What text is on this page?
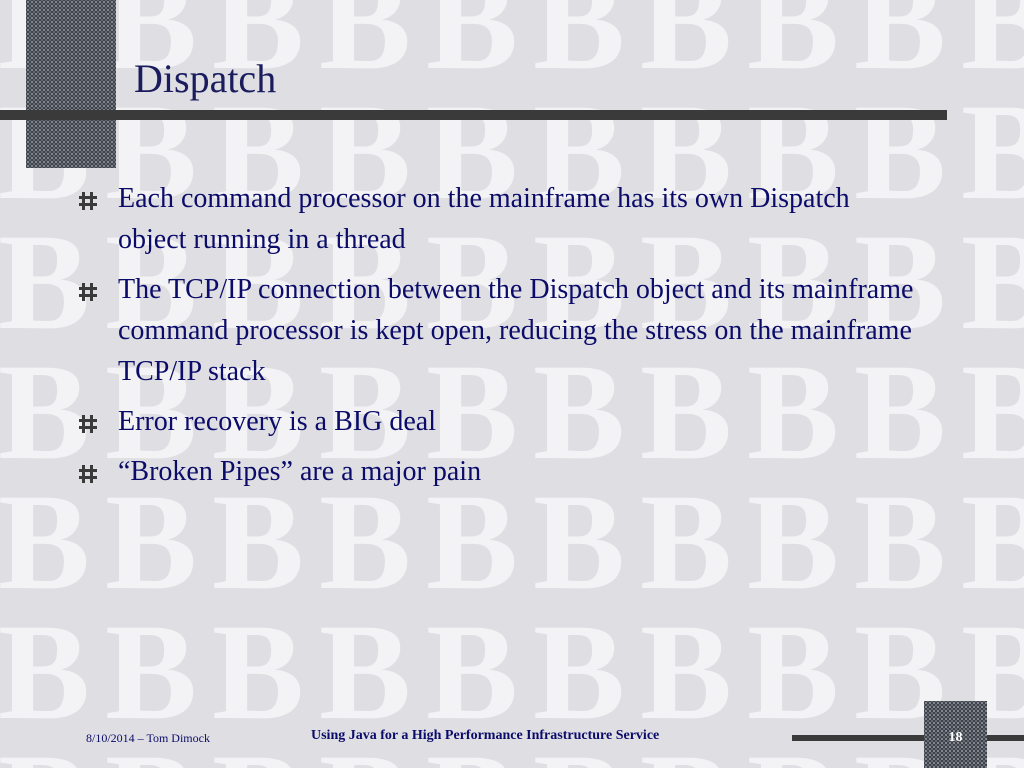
Dispatch
Each command processor on the mainframe has its own Dispatch object running in a thread
The TCP/IP connection between the Dispatch object and its mainframe command processor is kept open, reducing the stress on the mainframe TCP/IP stack
Error recovery is a BIG deal
“Broken Pipes” are a major pain
8/10/2014 – Tom Dimock	Using Java for a High Performance Infrastructure Service	18
